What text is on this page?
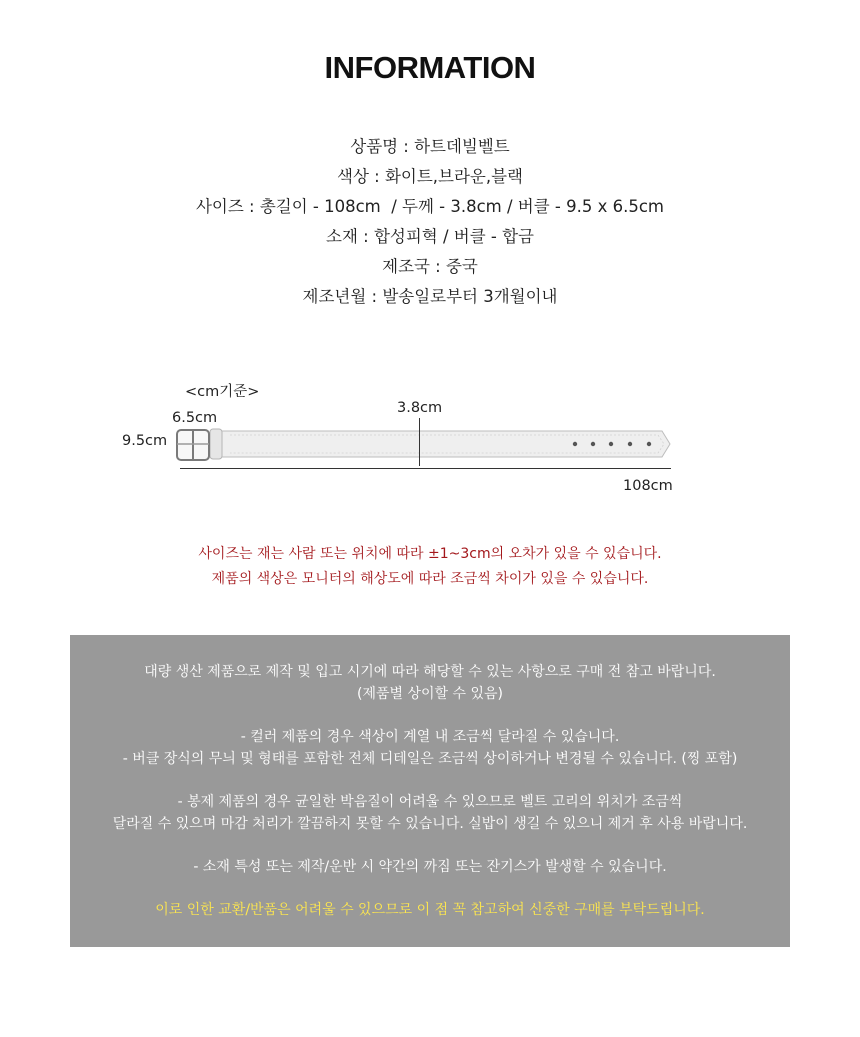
INFORMATION
상품명 : 하트데빌벨트
색상 : 화이트,브라운,블랙
사이즈 : 총길이 - 108cm  / 두께 - 3.8cm / 버클 - 9.5 x 6.5cm
소재 : 합성피혁 / 버클 - 합금
제조국 : 중국
제조년월 : 발송일로부터 3개월이내
<cm기준>
6.5cm
9.5cm
3.8cm
108cm
사이즈는 재는 사람 또는 위치에 따라 ±1~3cm의 오차가 있을 수 있습니다.
제품의 색상은 모니터의 해상도에 따라 조금씩 차이가 있을 수 있습니다.
대량 생산 제품으로 제작 및 입고 시기에 따라 해당할 수 있는 사항으로 구매 전 참고 바랍니다.
(제품별 상이할 수 있음)
- 컬러 제품의 경우 색상이 계열 내 조금씩 달라질 수 있습니다.
- 버클 장식의 무늬 및 형태를 포함한 전체 디테일은 조금씩 상이하거나 변경될 수 있습니다. (찡 포함)
- 봉제 제품의 경우 균일한 박음질이 어려울 수 있으므로 벨트 고리의 위치가 조금씩
달라질 수 있으며 마감 처리가 깔끔하지 못할 수 있습니다. 실밥이 생길 수 있으니 제거 후 사용 바랍니다.
- 소재 특성 또는 제작/운반 시 약간의 까짐 또는 잔기스가 발생할 수 있습니다.
이로 인한 교환/반품은 어려울 수 있으므로 이 점 꼭 참고하여 신중한 구매를 부탁드립니다.
